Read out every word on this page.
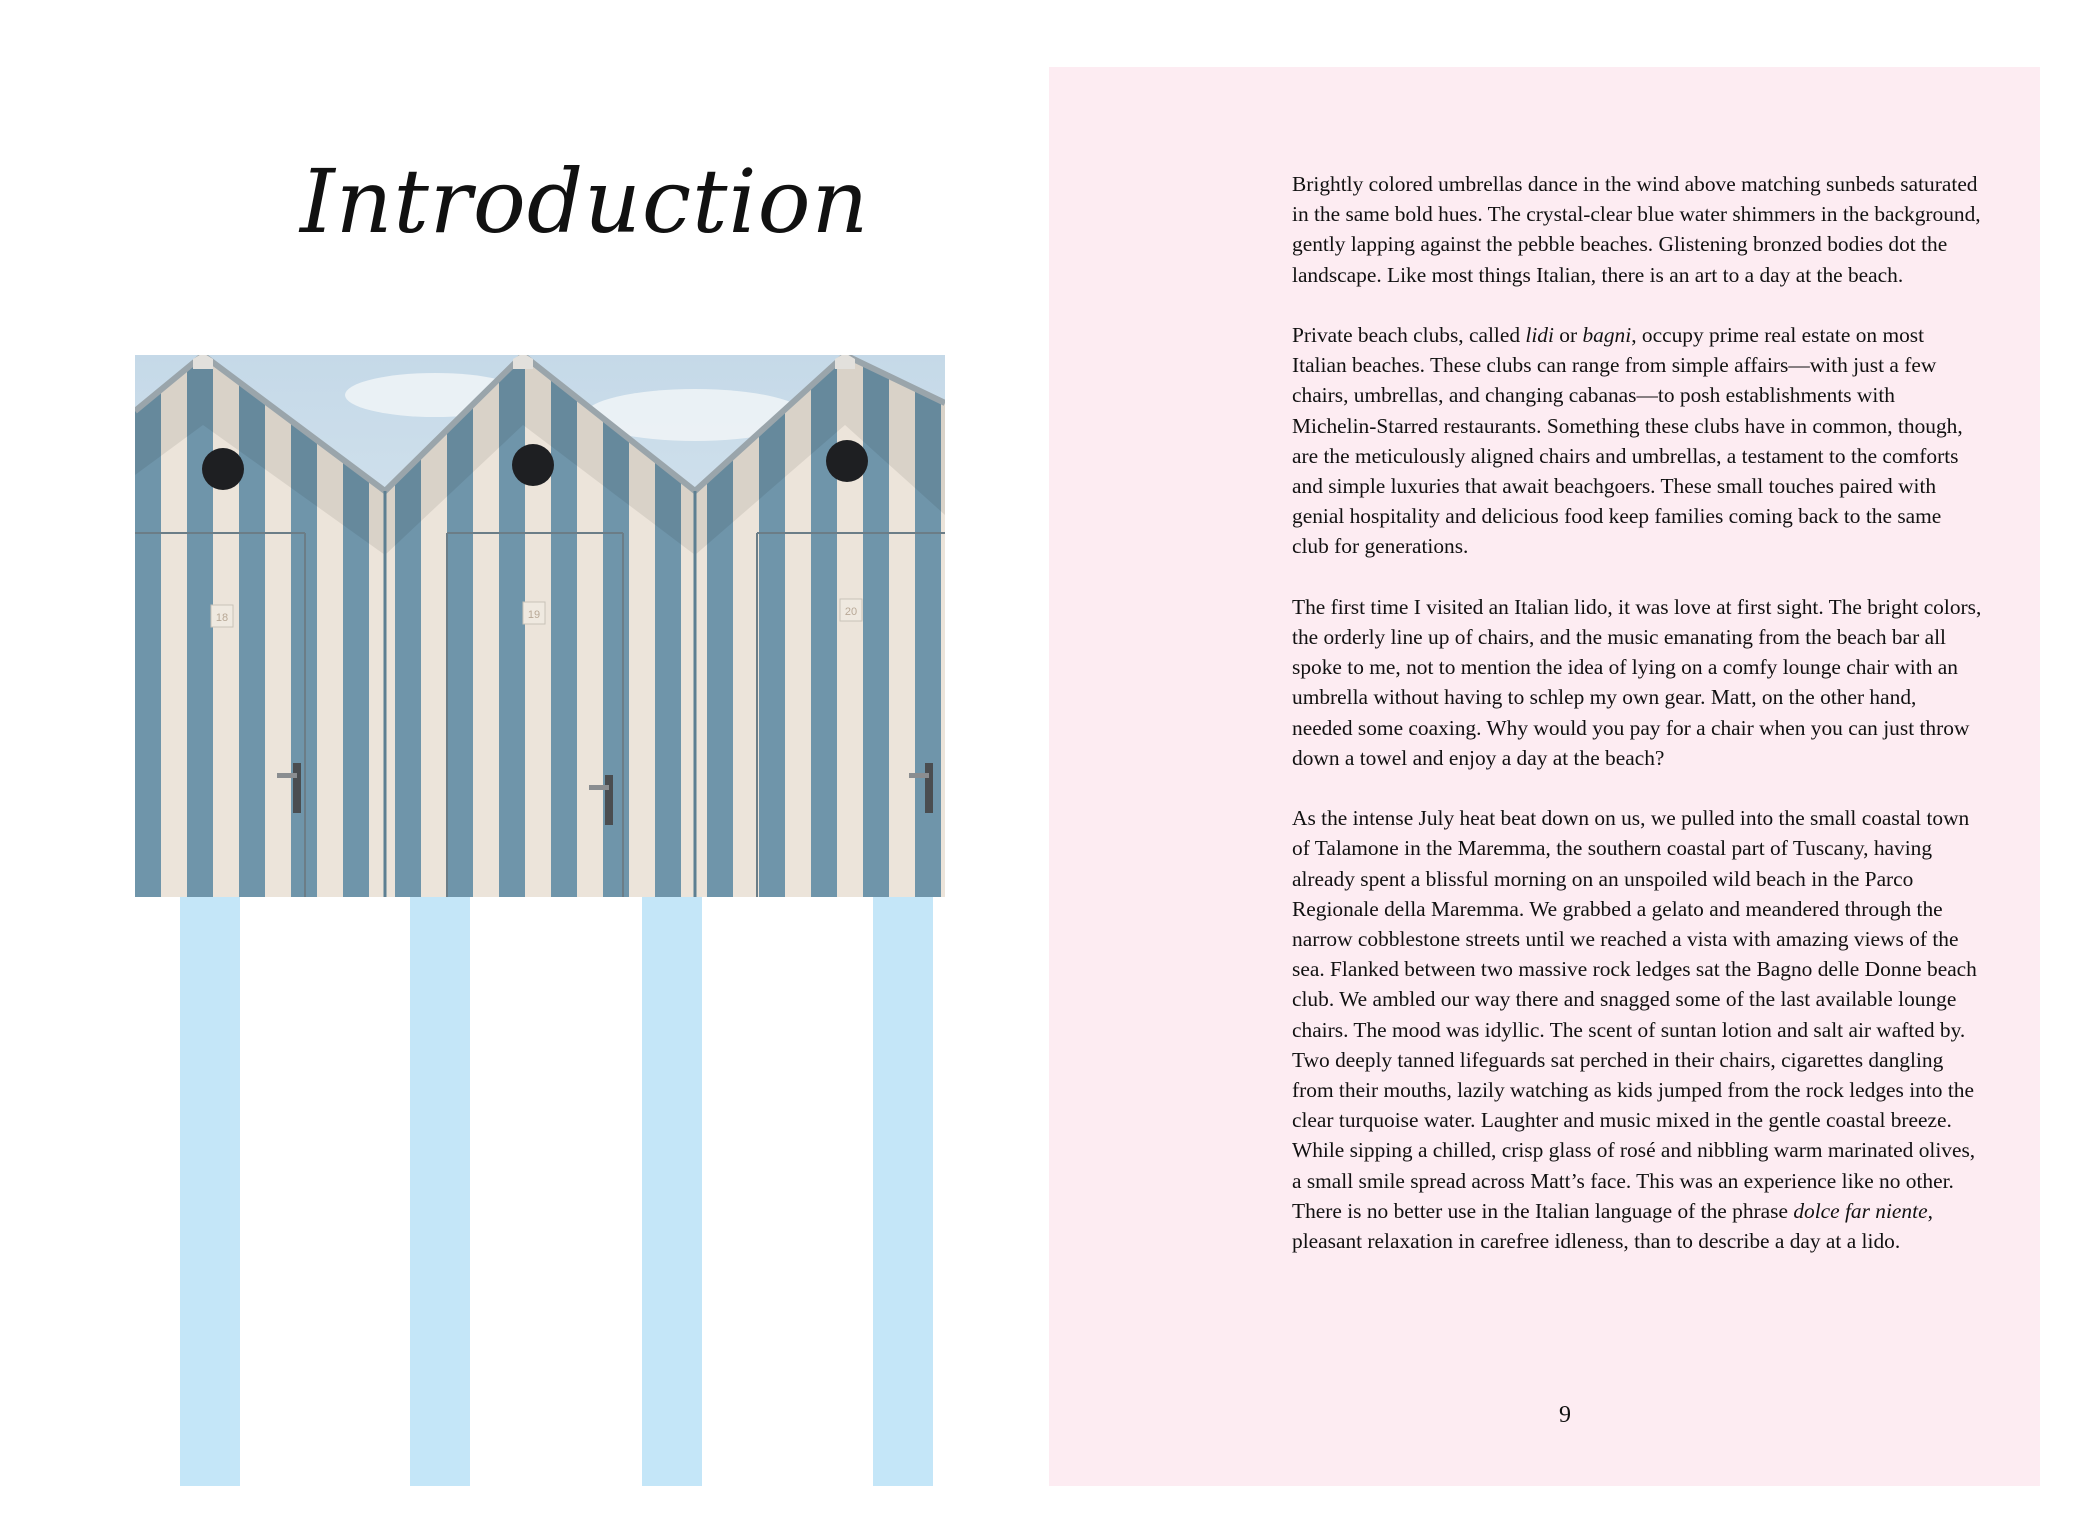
Introduction
18	19	20

Brightly colored umbrellas dance in the wind above matching sunbeds saturated in the same bold hues. The crystal-clear blue water shimmers in the background, gently lapping against the pebble beaches. Glistening bronzed bodies dot the landscape. Like most things Italian, there is an art to a day at the beach.

Private beach clubs, called lidi or bagni, occupy prime real estate on most Italian beaches. These clubs can range from simple affairs—with just a few chairs, umbrellas, and changing cabanas—to posh establishments with Michelin-Starred restaurants. Something these clubs have in common, though, are the meticulously aligned chairs and umbrellas, a testament to the comforts and simple luxuries that await beachgoers. These small touches paired with genial hospitality and delicious food keep families coming back to the same club for generations.

The first time I visited an Italian lido, it was love at first sight. The bright colors, the orderly line up of chairs, and the music emanating from the beach bar all spoke to me, not to mention the idea of lying on a comfy lounge chair with an umbrella without having to schlep my own gear. Matt, on the other hand, needed some coaxing. Why would you pay for a chair when you can just throw down a towel and enjoy a day at the beach?

As the intense July heat beat down on us, we pulled into the small coastal town of Talamone in the Maremma, the southern coastal part of Tuscany, having already spent a blissful morning on an unspoiled wild beach in the Parco Regionale della Maremma. We grabbed a gelato and meandered through the narrow cobblestone streets until we reached a vista with amazing views of the sea. Flanked between two massive rock ledges sat the Bagno delle Donne beach club. We ambled our way there and snagged some of the last available lounge chairs. The mood was idyllic. The scent of suntan lotion and salt air wafted by. Two deeply tanned lifeguards sat perched in their chairs, cigarettes dangling from their mouths, lazily watching as kids jumped from the rock ledges into the clear turquoise water. Laughter and music mixed in the gentle coastal breeze. While sipping a chilled, crisp glass of rosé and nibbling warm marinated olives, a small smile spread across Matt’s face. This was an experience like no other. There is no better use in the Italian language of the phrase dolce far niente, pleasant relaxation in carefree idleness, than to describe a day at a lido.

9
